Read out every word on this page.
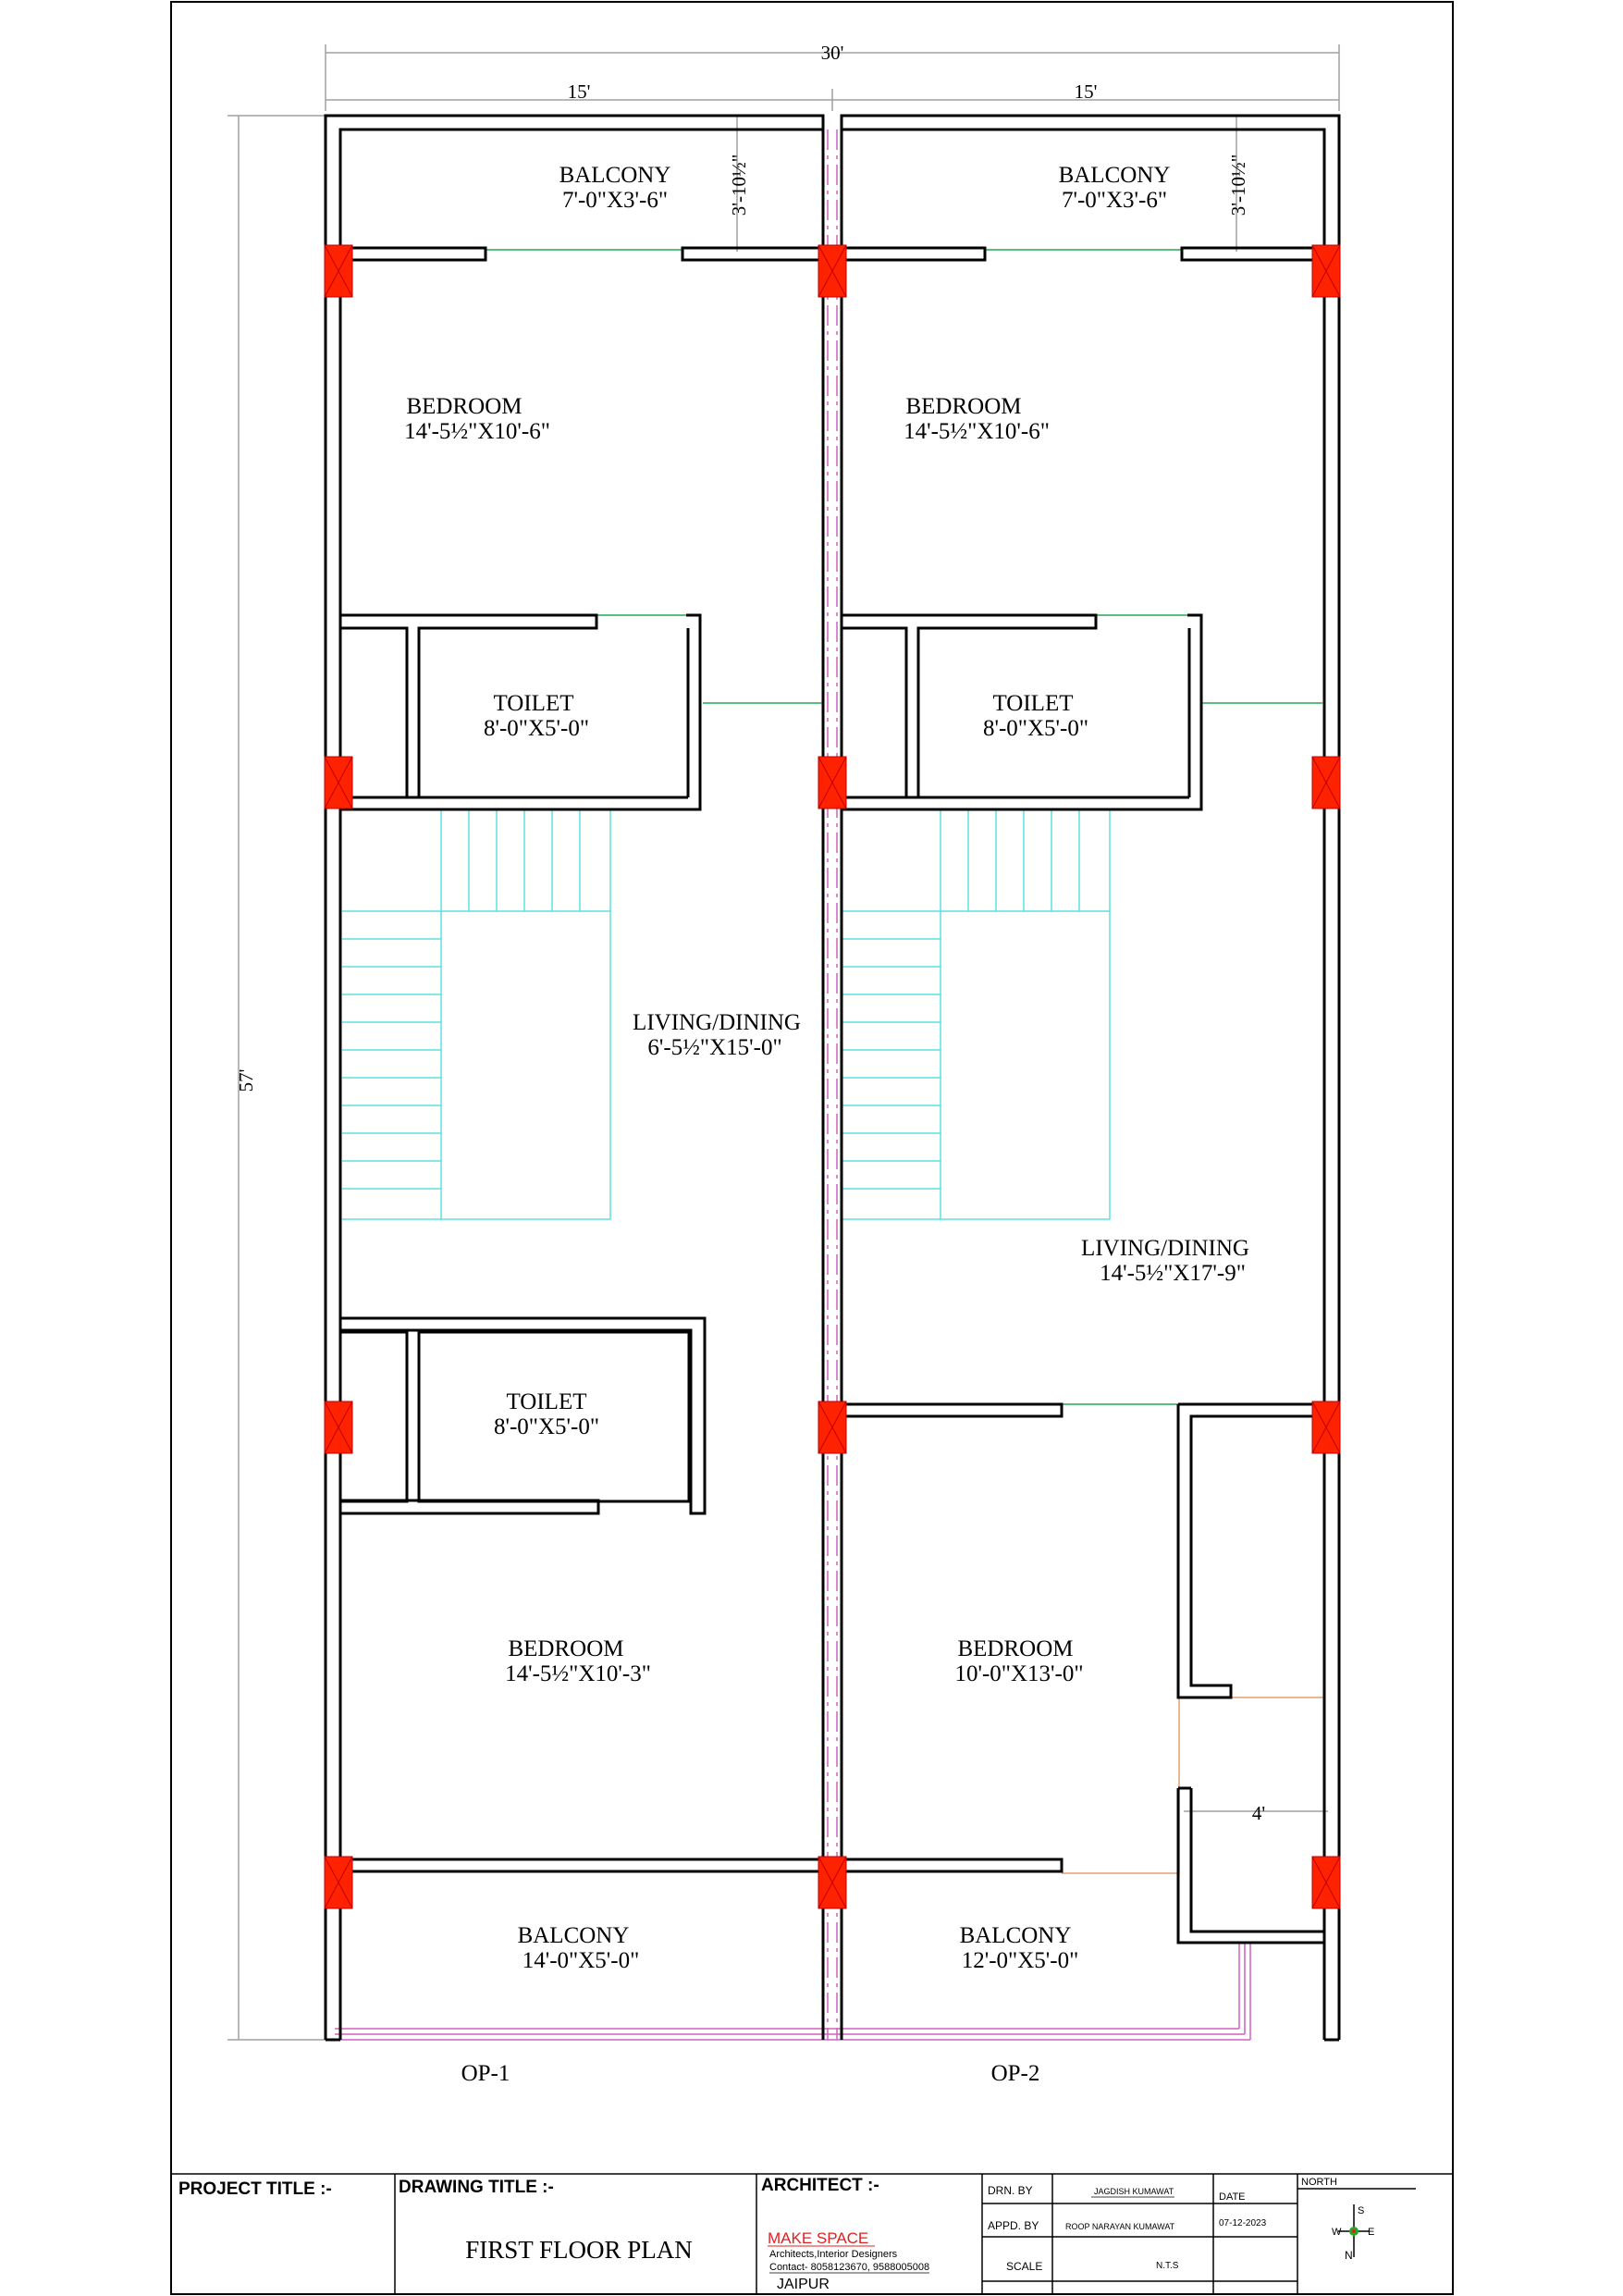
30'
15'	15'
57'
4'
3'-10½"	3'-10½"
BALCONY
7'-0"X3'-6"
BEDROOM
14'-5½"X10'-6"
TOILET
8'-0"X5'-0"
LIVING/DINING
6'-5½"X15'-0"
TOILET
8'-0"X5'-0"
BEDROOM
14'-5½"X10'-3"
BALCONY
14'-0"X5'-0"
OP-1
BALCONY
7'-0"X3'-6"
BEDROOM
14'-5½"X10'-6"
TOILET
8'-0"X5'-0"
LIVING/DINING
14'-5½"X17'-9"
BEDROOM
10'-0"X13'-0"
BALCONY
12'-0"X5'-0"
OP-2
PROJECT TITLE :-	DRAWING TITLE :-
FIRST FLOOR PLAN
ARCHITECT :-
MAKE SPACE
Architects,Interior Designers
Contact- 8058123670, 9588005008
JAIPUR
DRN. BY	JAGDISH KUMAWAT
APPD. BY	ROOP NARAYAN KUMAWAT
SCALE	N.T.S
DATE
07-12-2023
NORTH
S
W	E
N
